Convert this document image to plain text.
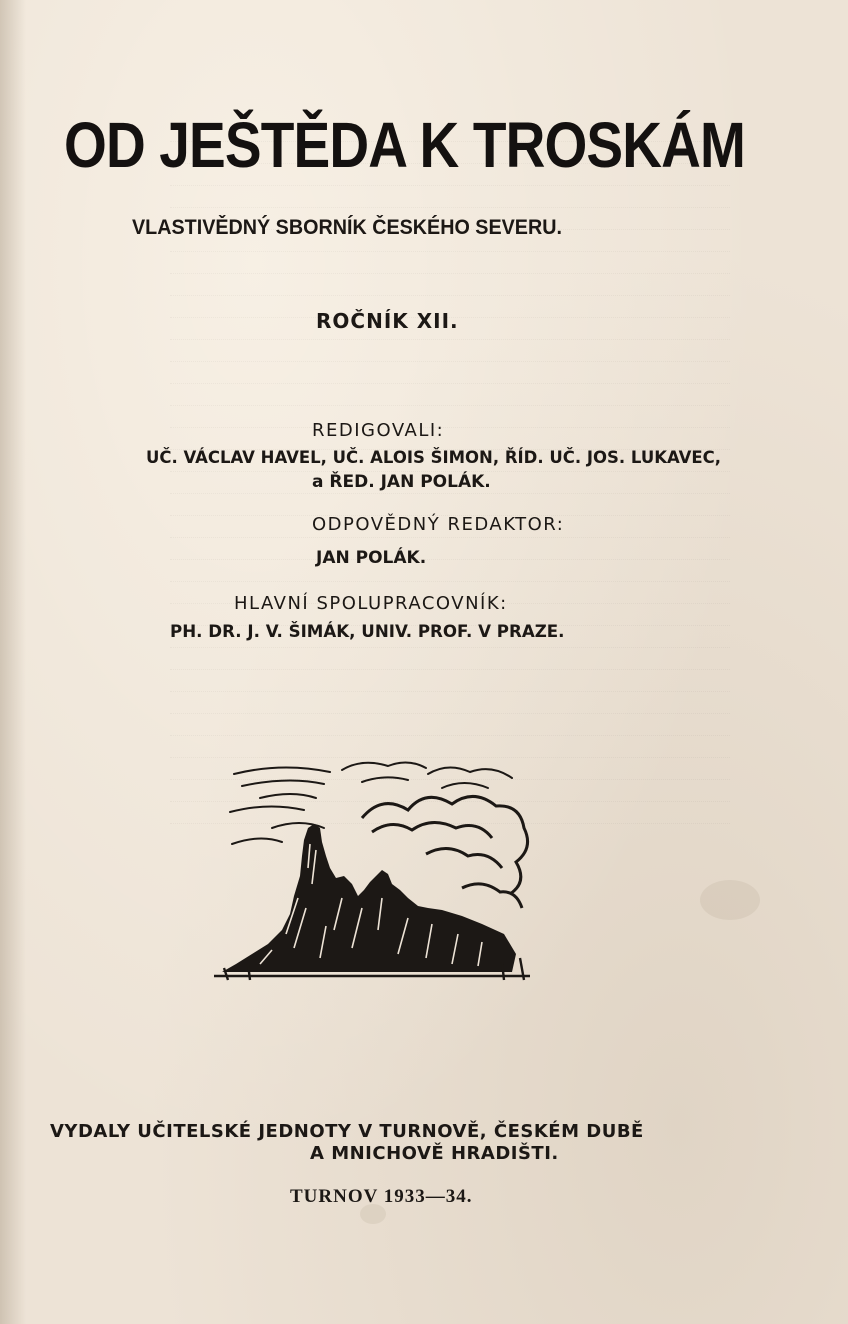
OD JEŠTĚDA K TROSKÁM
VLASTIVĚDNÝ SBORNÍK ČESKÉHO SEVERU.
ROČNÍK XII.
REDIGOVALI:
UČ. VÁCLAV HAVEL, UČ. ALOIS ŠIMON, ŘÍD. UČ. JOS. LUKAVEC,
a ŘED. JAN POLÁK.
ODPOVĚDNÝ REDAKTOR:
JAN POLÁK.
HLAVNÍ SPOLUPRACOVNÍK:
PH. DR. J. V. ŠIMÁK, UNIV. PROF. V PRAZE.
VYDALY UČITELSKÉ JEDNOTY V TURNOVĚ, ČESKÉM DUBĚ
A MNICHOVĚ HRADIŠTI.
TURNOV 1933—34.
